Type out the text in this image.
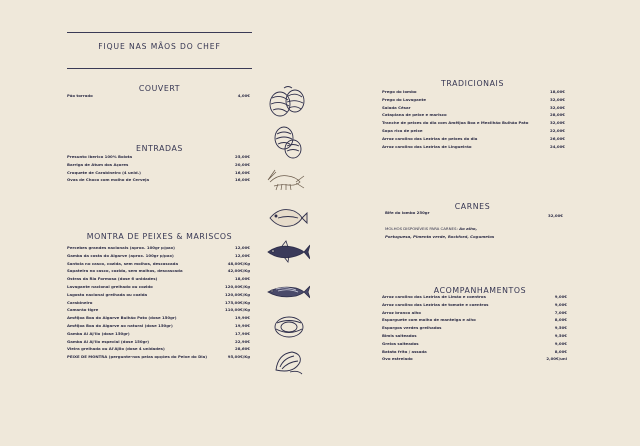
FIQUE NAS MÃOS DO CHEF
COUVERT
Pão torrado	4,00€
ENTRADAS
Presunto Iberico 100% Bolota	25,00€
Barriga de Atum dos Açores	20,00€
Croquete de Carabineiro (4 unid.)	16,00€
Ovas de Choco com molho de Cerveja	16,00€
MONTRA DE PEIXES & MARISCOS
Percebes grandes nacionais (aprox. 100gr p/pax)	12,00€
Gamba da costa do Algarve (aprox. 100gr p/pax)	12,00€
Santola no casco, cozida, sem molhos, descascada	48,00€/Kg
Sapateira no casco, cozida, sem molhos, descascada	42,00€/Kg
Ostras da Ria Formosa (dose 6 unidades)	18,00€
Lavagante nacional grelhado ou cozido	120,00€/Kg
Lagosta nacional grelhada ou cozida	120,00€/Kg
Carabineiro	175,00€/Kg
Camarão tigre	110,00€/Kg
Amêijoa Boa do Algarve Bulhão Pato (dose 150gr)	19,90€
Amêijoa Boa do Algarve ao natural (dose 150gr)	19,90€
Gamba Al Aj'ilo (dose 150gr)	17,90€
Gamba Al Aj'ilo especial (dose 150gr)	22,90€
Vieira grelhada ou Al'Ajilo (dose 4 unidades)	28,60€
PEIXE DE MONTRA (pergunte-nos pelas opções do Peixe do Dia)	95,00€/Kg
TRADICIONAIS
Prego do lombo	18,00€
Prego do Lavagante	32,00€
Salada César	32,00€
Cataplana de peixe e marisco	28,00€
Tranche de peixes do dia com Amêijoa Boa e Mexilhão Bulhão Pato	32,00€
Sopa rica de peixe	22,00€
Arroz carolino das Lezírias de peixes do dia	26,00€
Arroz carolino das Lezírias de Lingueirão	24,00€
CARNES
Bife do lombo 250gr
32,00€
MOLHOS DISPONÍVEIS PARA CARNES: Ao alho,
Portuguesa, Pimenta verde, Rockford, Cogumelos
ACOMPANHAMENTOS
Arroz carolino das Lezírias de Limão e coentros	9,00€
Arroz carolino das Lezírias de tomate e coentros	9,00€
Arroz branco alho	7,00€
Esparguete com molho de manteiga e alho	8,00€
Espargos verdes grelhados	9,50€
Bimis salteados	9,50€
Grelos salteados	9,00€
Batata frita / assada	8,00€
Ovo estrelado	2,00€/uni
